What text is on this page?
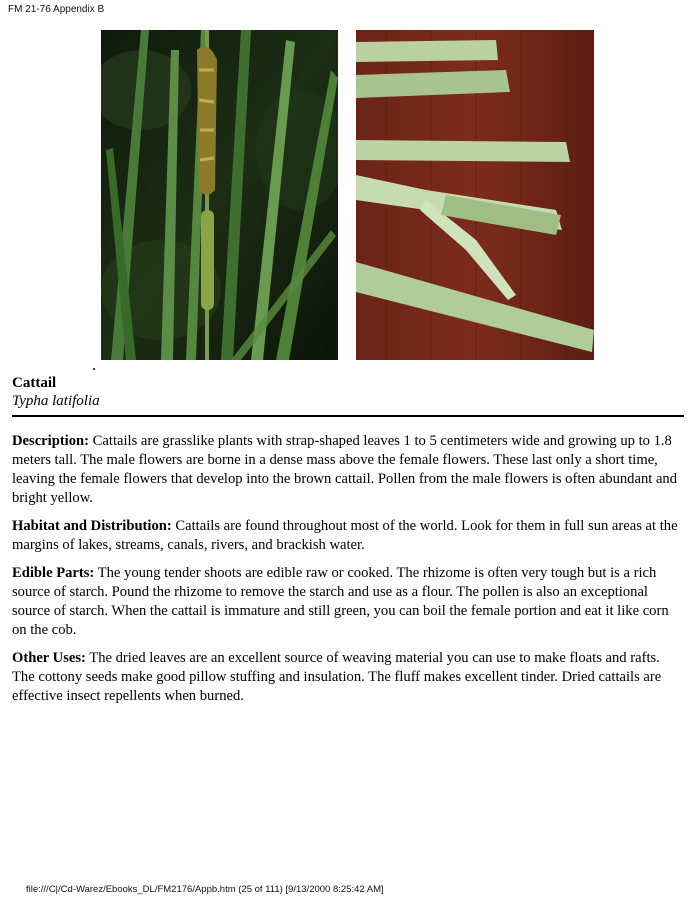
FM 21-76 Appendix B
Cattail
Typha latifolia

Description: Cattails are grasslike plants with strap-shaped leaves 1 to 5 centimeters wide and growing up to 1.8 meters tall. The male flowers are borne in a dense mass above the female flowers. These last only a short time, leaving the female flowers that develop into the brown cattail. Pollen from the male flowers is often abundant and bright yellow.

Habitat and Distribution: Cattails are found throughout most of the world. Look for them in full sun areas at the margins of lakes, streams, canals, rivers, and brackish water.

Edible Parts: The young tender shoots are edible raw or cooked. The rhizome is often very tough but is a rich source of starch. Pound the rhizome to remove the starch and use as a flour. The pollen is also an exceptional source of starch. When the cattail is immature and still green, you can boil the female portion and eat it like corn on the cob.

Other Uses: The dried leaves are an excellent source of weaving material you can use to make floats and rafts. The cottony seeds make good pillow stuffing and insulation. The fluff makes excellent tinder. Dried cattails are effective insect repellents when burned.

file:///C|/Cd-Warez/Ebooks_DL/FM2176/Appb.htm (25 of 111) [9/13/2000 8:25:42 AM]
